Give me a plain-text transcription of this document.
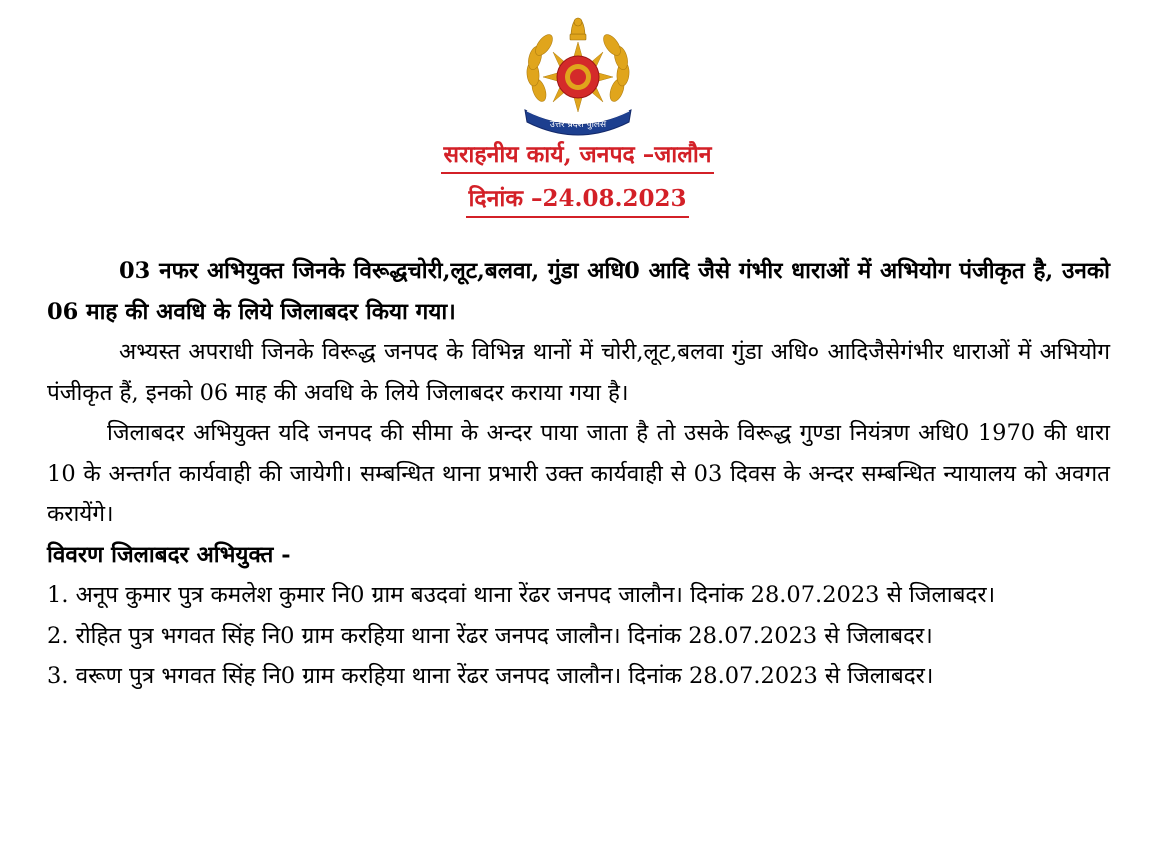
उत्तर प्रदेश पुलिस
सराहनीय कार्य, जनपद –जालौन
दिनांक –24.08.2023

03 नफर अभियुक्त जिनके विरूद्धचोरी,लूट,बलवा, गुंडा अधि0 आदि जैसे गंभीर धाराओं में अभियोग पंजीकृत है, उनको 06 माह की अवधि के लिये जिलाबदर किया गया।

अभ्यस्त अपराधी जिनके विरूद्ध जनपद के विभिन्न थानों में चोरी,लूट,बलवा गुंडा अधि० आदिजैसेगंभीर धाराओं में अभियोग पंजीकृत हैं, इनको 06 माह की अवधि के लिये जिलाबदर कराया गया है।

जिलाबदर अभियुक्त यदि जनपद की सीमा के अन्दर पाया जाता है तो उसके विरूद्ध गुण्डा नियंत्रण अधि0 1970 की धारा 10 के अन्तर्गत कार्यवाही की जायेगी। सम्बन्धित थाना प्रभारी उक्त कार्यवाही से 03 दिवस के अन्दर सम्बन्धित न्यायालय को अवगत करायेंगे।

विवरण जिलाबदर अभियुक्त -

1. अनूप कुमार पुत्र कमलेश कुमार नि0 ग्राम बउदवां थाना रेंढर जनपद जालौन। दिनांक 28.07.2023 से जिलाबदर।

2. रोहित पुत्र भगवत सिंह नि0 ग्राम करहिया थाना रेंढर जनपद जालौन। दिनांक 28.07.2023 से जिलाबदर।

3. वरूण पुत्र भगवत सिंह नि0 ग्राम करहिया थाना रेंढर जनपद जालौन। दिनांक 28.07.2023 से जिलाबदर।
